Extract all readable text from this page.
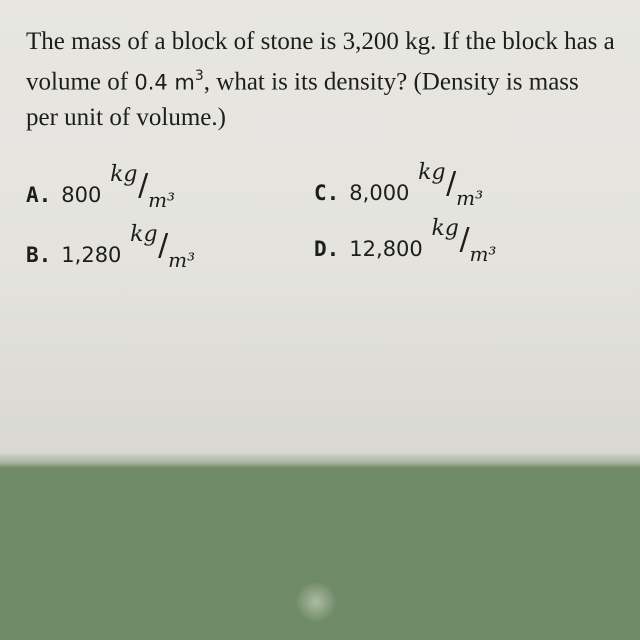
The mass of a block of stone is 3,200 kg. If the block has a volume of 0.4 $m^3$, what is its density? (Density is mass per unit of volume.)
A. 800
kg / m³
B. 1,280
kg / m³
C. 8,000
kg / m³
D. 12,800
kg / m³
